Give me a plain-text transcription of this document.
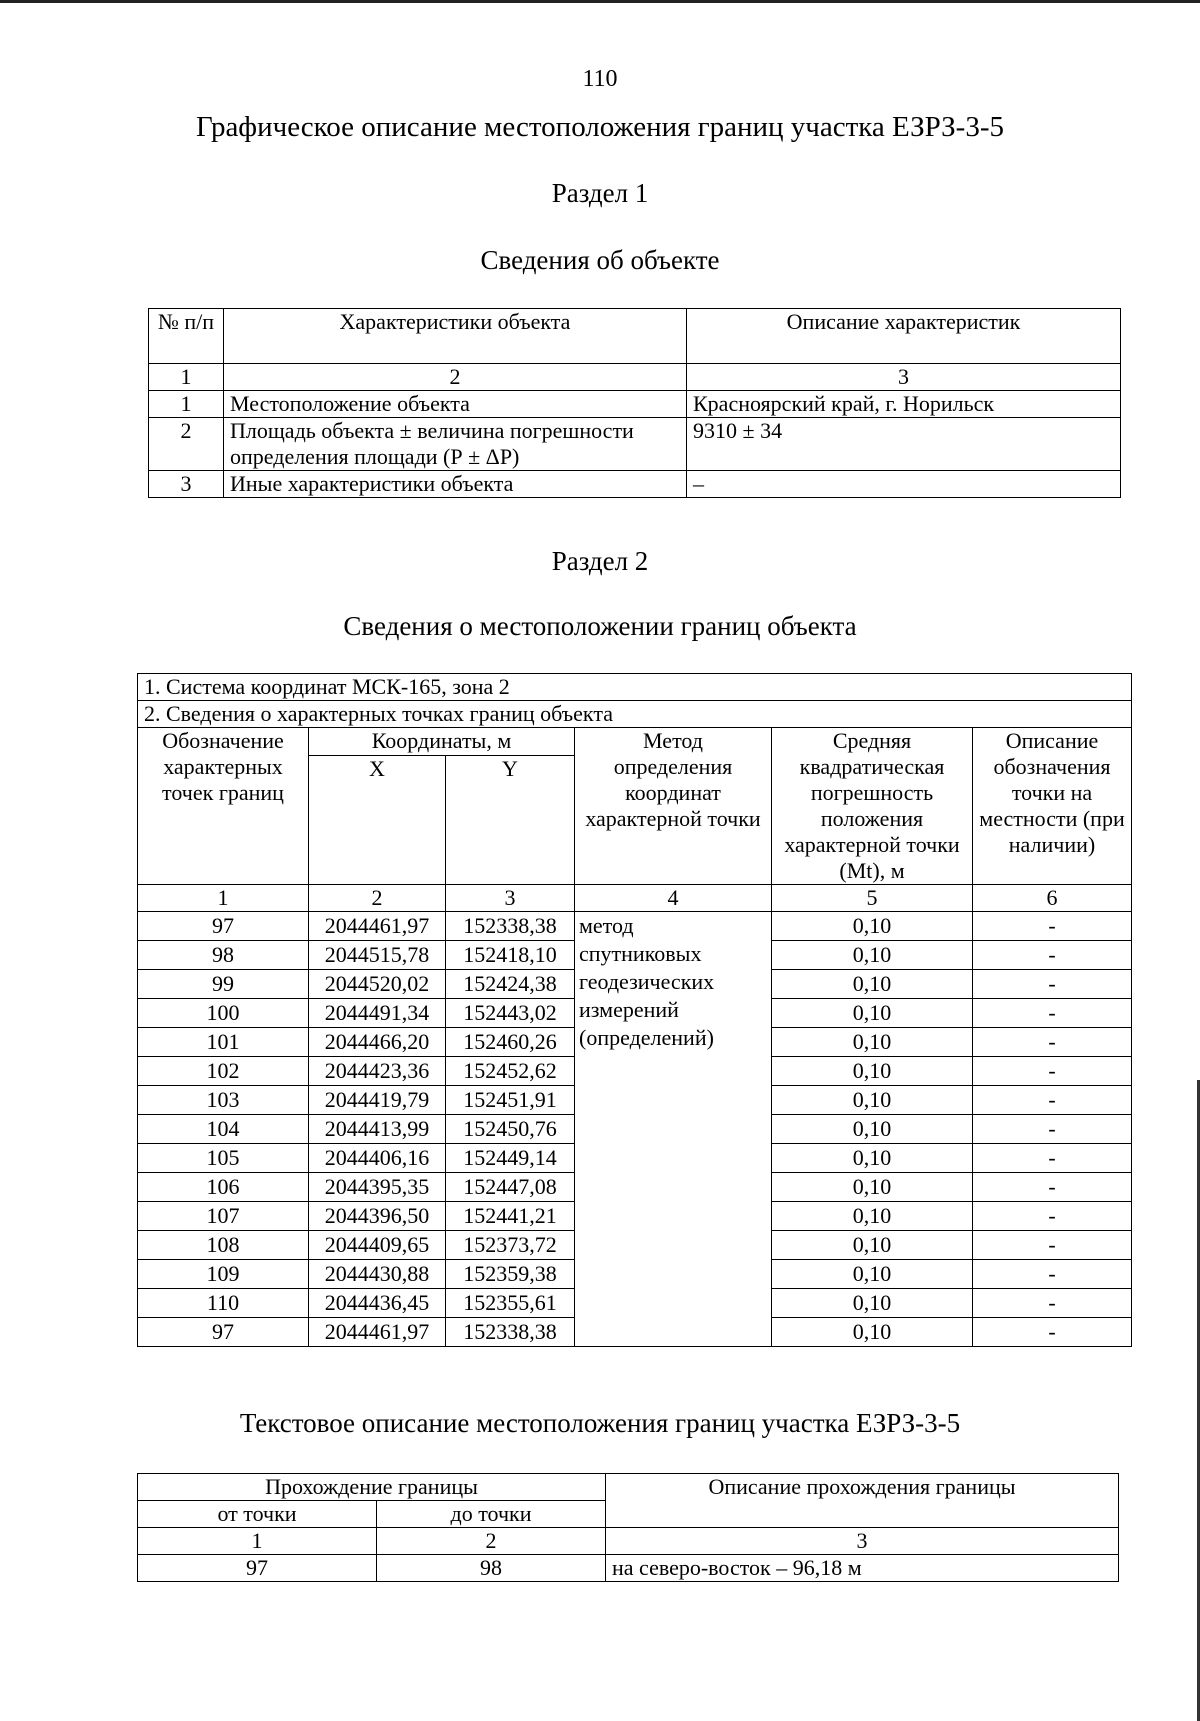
110
Графическое описание местоположения границ участка ЕЗРЗ-3-5
Раздел 1
Сведения об объекте
№ п/п	Характеристики объекта	Описание характеристик
1	2	3
1	Местоположение объекта	Красноярский край, г. Норильск
2	Площадь объекта ± величина погрешности определения площади (Р ± ΔР)	9310 ± 34
3	Иные характеристики объекта	–
Раздел 2
Сведения о местоположении границ объекта
1. Система координат МСК-165, зона 2					
2. Сведения о характерных точках границ объекта					
Обозначение характерных точек границ	Координаты, м		Метод определения координат характерной точки	Средняя квадратическая погрешность положения характерной точки (Mt), м	Описание обозначения точки на местности (при наличии)
	X	Y			
1	2	3	4	5	6
97	2044461,97	152338,38	метод
спутниковых
геодезических
измерений
(определений)	0,10	-
98	2044515,78	152418,10		0,10	-
99	2044520,02	152424,38		0,10	-
100	2044491,34	152443,02		0,10	-
101	2044466,20	152460,26		0,10	-
102	2044423,36	152452,62		0,10	-
103	2044419,79	152451,91		0,10	-
104	2044413,99	152450,76		0,10	-
105	2044406,16	152449,14		0,10	-
106	2044395,35	152447,08		0,10	-
107	2044396,50	152441,21		0,10	-
108	2044409,65	152373,72		0,10	-
109	2044430,88	152359,38		0,10	-
110	2044436,45	152355,61		0,10	-
97	2044461,97	152338,38		0,10	-
Текстовое описание местоположения границ участка ЕЗРЗ-3-5
Прохождение границы		Описание прохождения границы
от точки	до точки	
1	2	3
97	98	на северо-восток – 96,18 м
